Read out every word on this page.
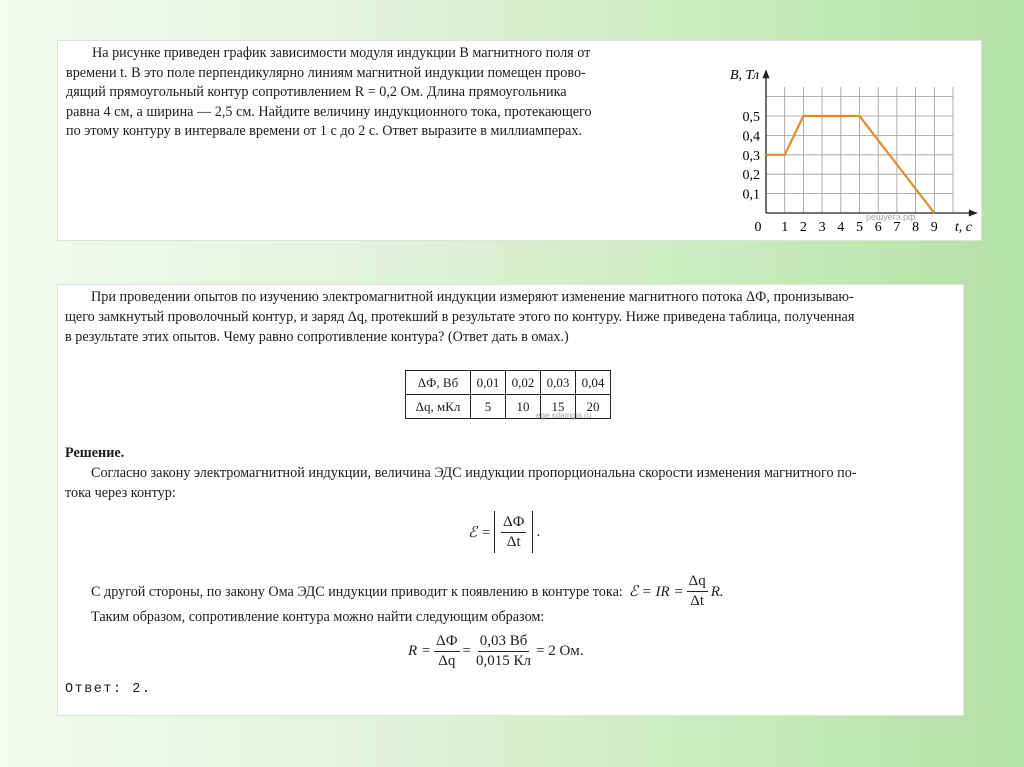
На рисунке приведен график зависимости модуля индукции B магнитного поля от
времени t. В это поле перпендикулярно линиям магнитной индукции помещен прово-
дящий прямоугольный контур сопротивлением R = 0,2 Ом. Длина прямоугольника
равна 4 см, а ширина — 2,5 см. Найдите величину индукционного тока, протекающего
по этому контуру в интервале времени от 1 с до 2 с. Ответ выразите в миллиамперах.
0 1 2 3 4 5 6 7 8 9
0,1
0,2
0,3
0,4
0,5
B, Тл
t, c
решуегэ.рф
При проведении опытов по изучению электромагнитной индукции измеряют изменение магнитного потока ΔФ, пронизываю-
щего замкнутый проволочный контур, и заряд Δq, протекший в результате этого по контуру. Ниже приведена таблица, полученная
в результате этих опытов. Чему равно сопротивление контура? (Ответ дать в омах.)
ΔФ, Вб	0,01	0,02	0,03	0,04
Δq, мКл	5	10	15	20
ege.sdamgia.ru
Решение.
Согласно закону электромагнитной индукции, величина ЭДС индукции пропорциональна скорости изменения магнитного по-
тока через контур:
ℰ = $\frac{\Delta Ф}{\Delta t}$ .
С другой стороны, по закону Ома ЭДС индукции приводит к появлению в контуре тока: ℰ = IR = $\frac{\Delta q}{\Delta t} R$.
Таким образом, сопротивление контура можно найти следующим образом:
$R = \frac{\Delta Ф}{\Delta q} = \frac{0,03 Вб}{0,015 Кл} = 2$ Ом.
Ответ: 2.
